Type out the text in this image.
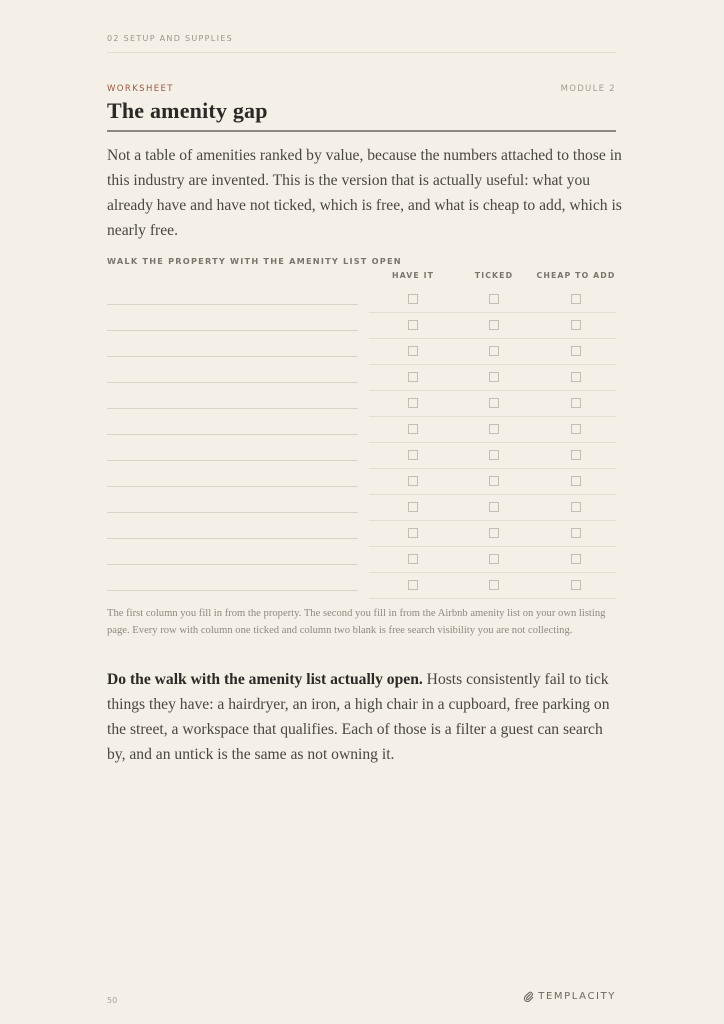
02 SETUP AND SUPPLIES
WORKSHEET	MODULE 2
The amenity gap

Not a table of amenities ranked by value, because the numbers attached to those in this industry are invented. This is the version that is actually useful: what you already have and have not ticked, which is free, and what is cheap to add, which is nearly free.

WALK THE PROPERTY WITH THE AMENITY LIST OPEN
HAVE IT	TICKED	CHEAP TO ADD

The first column you fill in from the property. The second you fill in from the Airbnb amenity list on your own listing page. Every row with column one ticked and column two blank is free search visibility you are not collecting.

Do the walk with the amenity list actually open. Hosts consistently fail to tick things they have: a hairdryer, an iron, a high chair in a cupboard, free parking on the street, a workspace that qualifies. Each of those is a filter a guest can search by, and an untick is the same as not owning it.

50	TEMPLACITY
